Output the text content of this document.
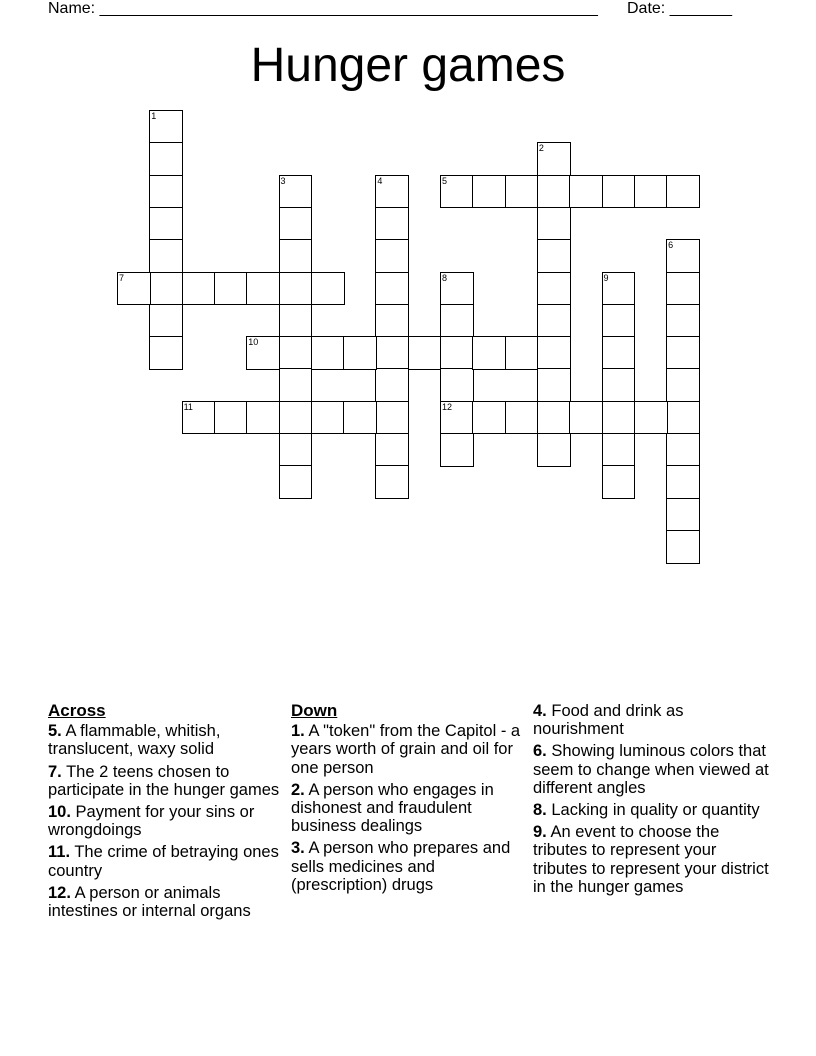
Name: ________________________________________________________ Date: _______
Hunger games
1
2
3	4	5
6
7	8
12
9
10
11
Across
5. A flammable, whitish, translucent, waxy solid
7. The 2 teens chosen to participate in the hunger games
10. Payment for your sins or wrongdoings
11. The crime of betraying ones country
12. A person or animals intestines or internal organs
Down
1. A "token" from the Capitol - a years worth of grain and oil for one person
2. A person who engages in dishonest and fraudulent business dealings
3. A person who prepares and sells medicines and (prescription) drugs
4. Food and drink as nourishment
6. Showing luminous colors that seem to change when viewed at different angles
8. Lacking in quality or quantity
9. An event to choose the tributes to represent your tributes to represent your district in the hunger games
